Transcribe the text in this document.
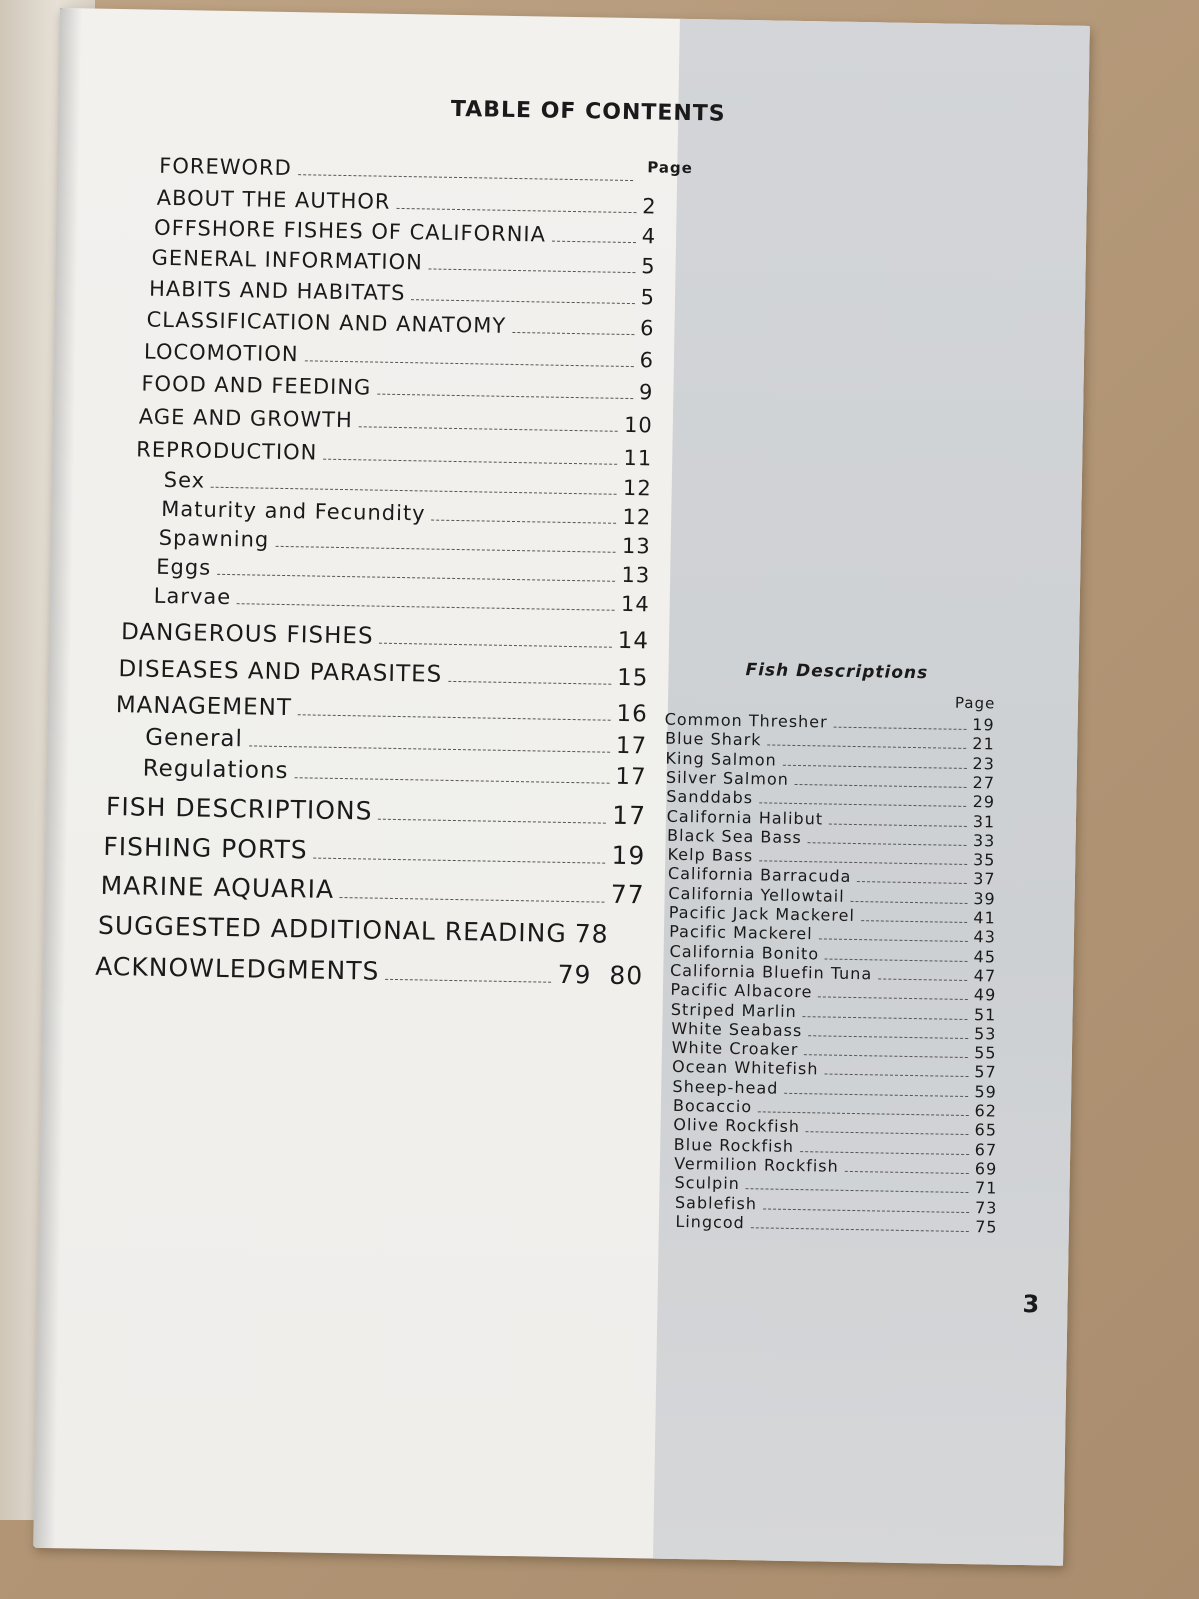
TABLE OF CONTENTS
Page
FOREWORD
ABOUT THE AUTHOR	2
OFFSHORE FISHES OF CALIFORNIA	4
GENERAL INFORMATION	5
HABITS AND HABITATS	5
CLASSIFICATION AND ANATOMY	6
LOCOMOTION	6
FOOD AND FEEDING	9
AGE AND GROWTH	10
REPRODUCTION	11
Sex	12
Maturity and Fecundity	12
Spawning	13
Eggs	13
Larvae	14
DANGEROUS FISHES	14
DISEASES AND PARASITES	15
MANAGEMENT	16
General	17
Regulations	17
FISH DESCRIPTIONS	17
FISHING PORTS	19
MARINE AQUARIA	77
SUGGESTED ADDITIONAL READING 78
ACKNOWLEDGMENTS	79 80
Fish Descriptions
Page
Common Thresher	19
Blue Shark	21
King Salmon	23
Silver Salmon	27
Sanddabs	29
California Halibut	31
Black Sea Bass	33
Kelp Bass	35
California Barracuda	37
California Yellowtail	39
Pacific Jack Mackerel	41
Pacific Mackerel	43
California Bonito	45
California Bluefin Tuna	47
Pacific Albacore	49
Striped Marlin	51
White Seabass	53
White Croaker	55
Ocean Whitefish	57
Sheep-head	59
Bocaccio	62
Olive Rockfish	65
Blue Rockfish	67
Vermilion Rockfish	69
Sculpin	71
Sablefish	73
Lingcod	75
3
